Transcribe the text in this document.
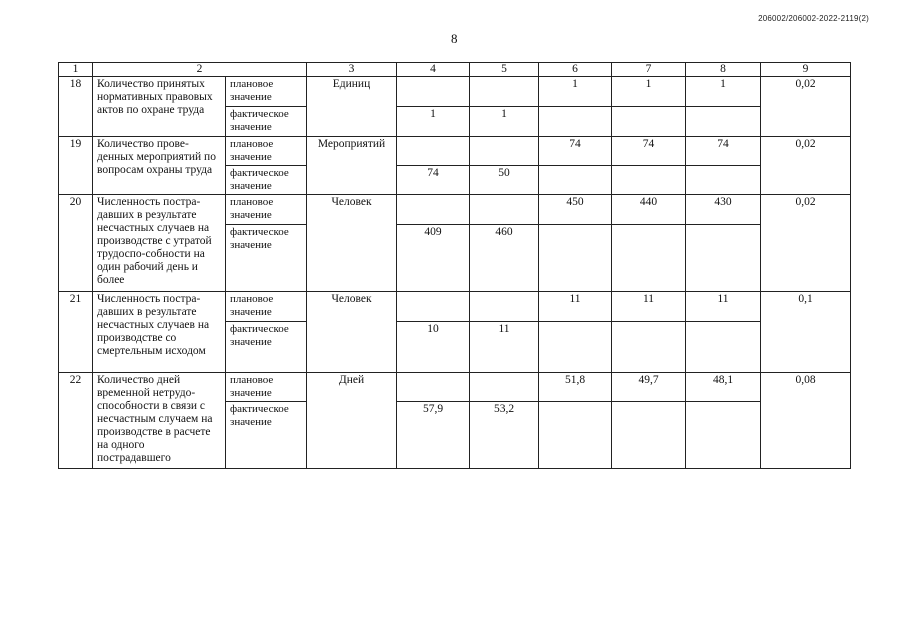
206002/206002-2022-2119(2)
8
1	2		3	4	5	6	7	8	9
18	Количество принятых нормативных правовых актов по охране труда	плановое значение	Единиц			1	1	1	0,02
		фактическое значение		1	1				
19	Количество прове-денных мероприятий по вопросам охраны труда	плановое значение	Мероприятий			74	74	74	0,02
		фактическое значение		74	50				
20	Численность постра-давших в результате несчастных случаев на производстве с утратой трудоспо-собности на один рабочий день и более	плановое значение	Человек			450	440	430	0,02
		фактическое значение		409	460				
21	Численность постра-давших в результате несчастных случаев на производстве со смертельным исходом	плановое значение	Человек			11	11	11	0,1
		фактическое значение		10	11				
22	Количество дней временной нетрудо-способности в связи с несчастным случаем на производстве в расчете на одного пострадавшего	плановое значение	Дней			51,8	49,7	48,1	0,08
		фактическое значение		57,9	53,2				
